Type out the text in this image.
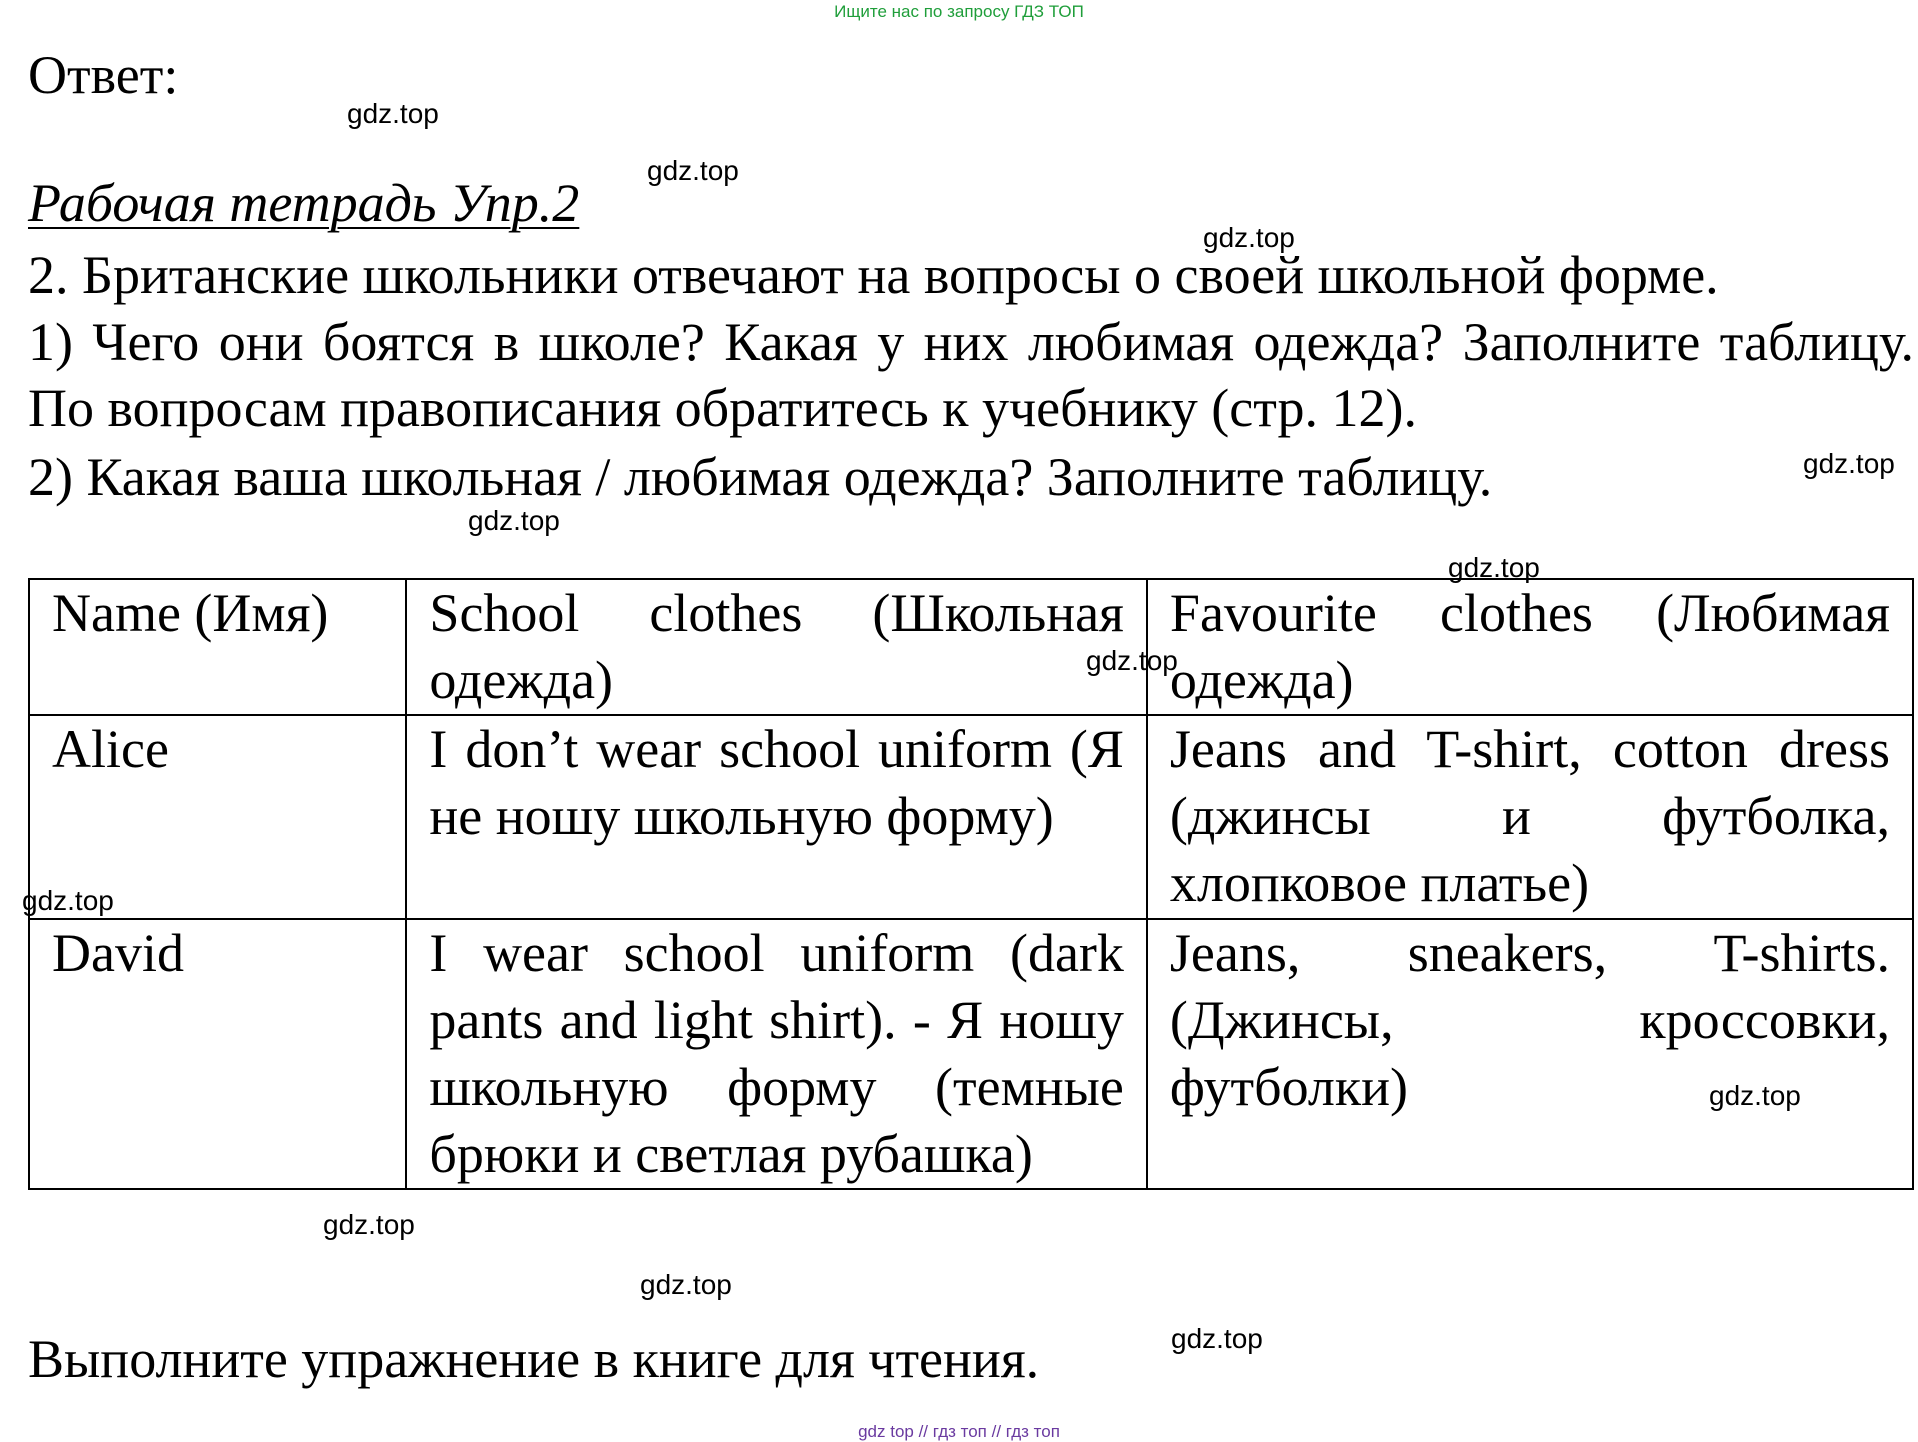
Ищите нас по запросу ГДЗ ТОП
Ответ:
Рабочая тетрадь Упр.2
2. Британские школьники отвечают на вопросы о своей школьной форме.
1) Чего они боятся в школе? Какая у них любимая одежда? Заполните таблицу. По вопросам правописания обратитесь к учебнику (стр. 12).
2) Какая ваша школьная / любимая одежда? Заполните таблицу.
Name (Имя)	School clothes (Школьная одежда)	Favourite clothes (Любимая одежда)
Alice	I don’t wear school uniform (Я не ношу школьную форму)	Jeans and T-shirt, cotton dress (джинсы и футболка, хлопковое платье)
David	I wear school uniform (dark pants and light shirt). - Я ношу школьную форму (темные брюки и светлая рубашка)	Jeans, sneakers, T-shirts. (Джинсы, кроссовки, футболки)
Выполните упражнение в книге для чтения.
gdz.top
gdz.top
gdz.top
gdz.top
gdz.top
gdz.top
gdz.top
gdz.top
gdz.top
gdz.top
gdz.top
gdz.top
gdz top // гдз топ // гдз топ
